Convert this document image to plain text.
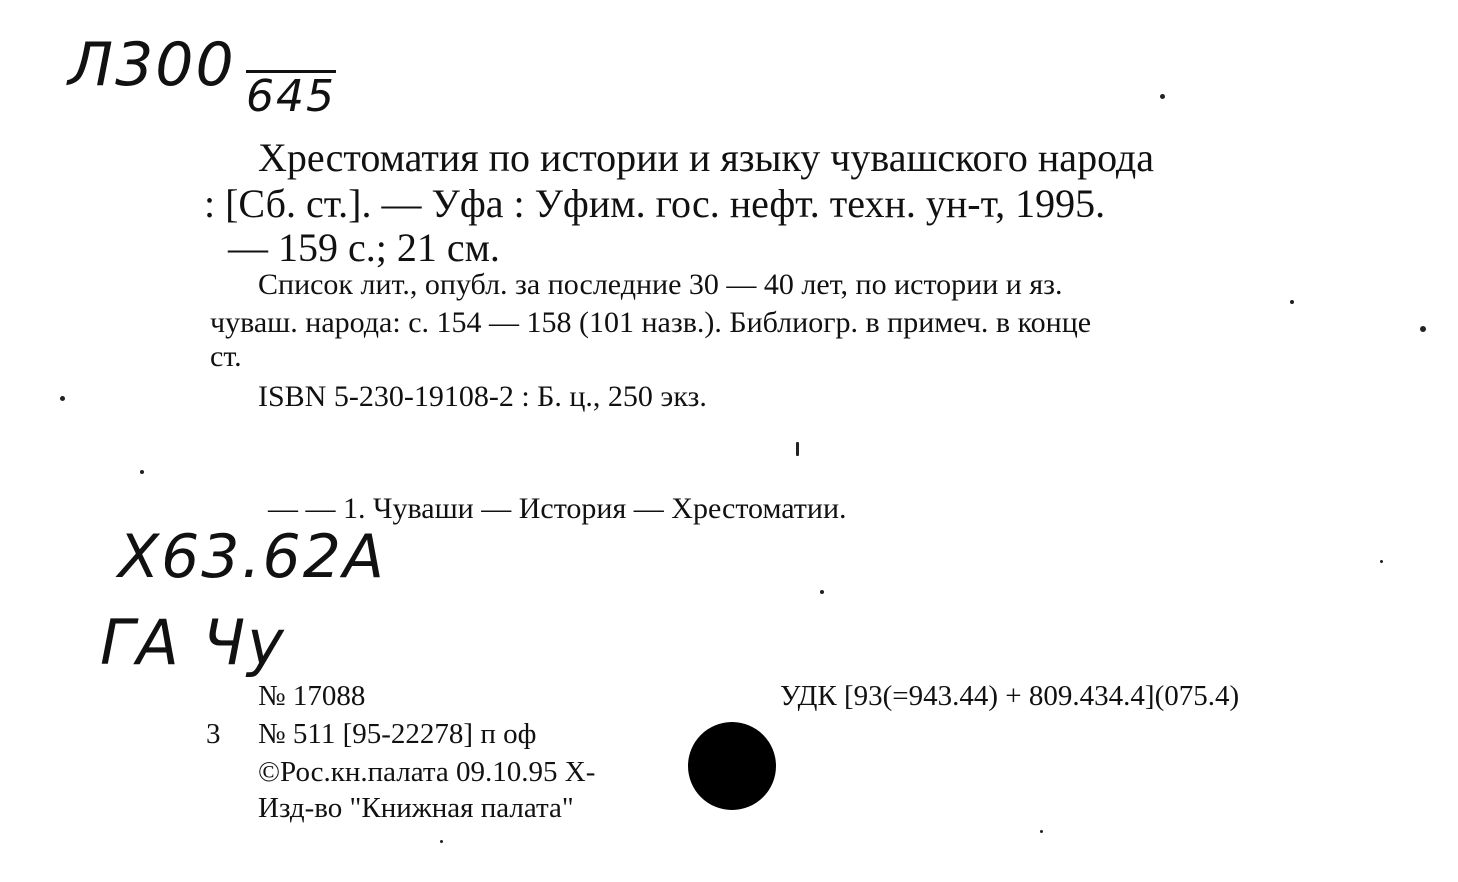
Л300 645
Х63.62А
ГА Чу
Хрестоматия по истории и языку чувашского народа
: [Сб. ст.]. — Уфа : Уфим. гос. нефт. техн. ун-т, 1995.
— 159 с.; 21 см.
Список лит., опубл. за последние 30 — 40 лет, по истории и яз.
чуваш. народа: с. 154 — 158 (101 назв.). Библиогр. в примеч. в конце
ст.
ISBN 5-230-19108-2 : Б. ц., 250 экз.
— — 1. Чуваши — История — Хрестоматии.
№ 17088	УДК [93(=943.44) + 809.434.4](075.4)
3 № 511 [95-22278] п оф
©Рос.кн.палата 09.10.95 Х-
Изд-во "Книжная палата"
